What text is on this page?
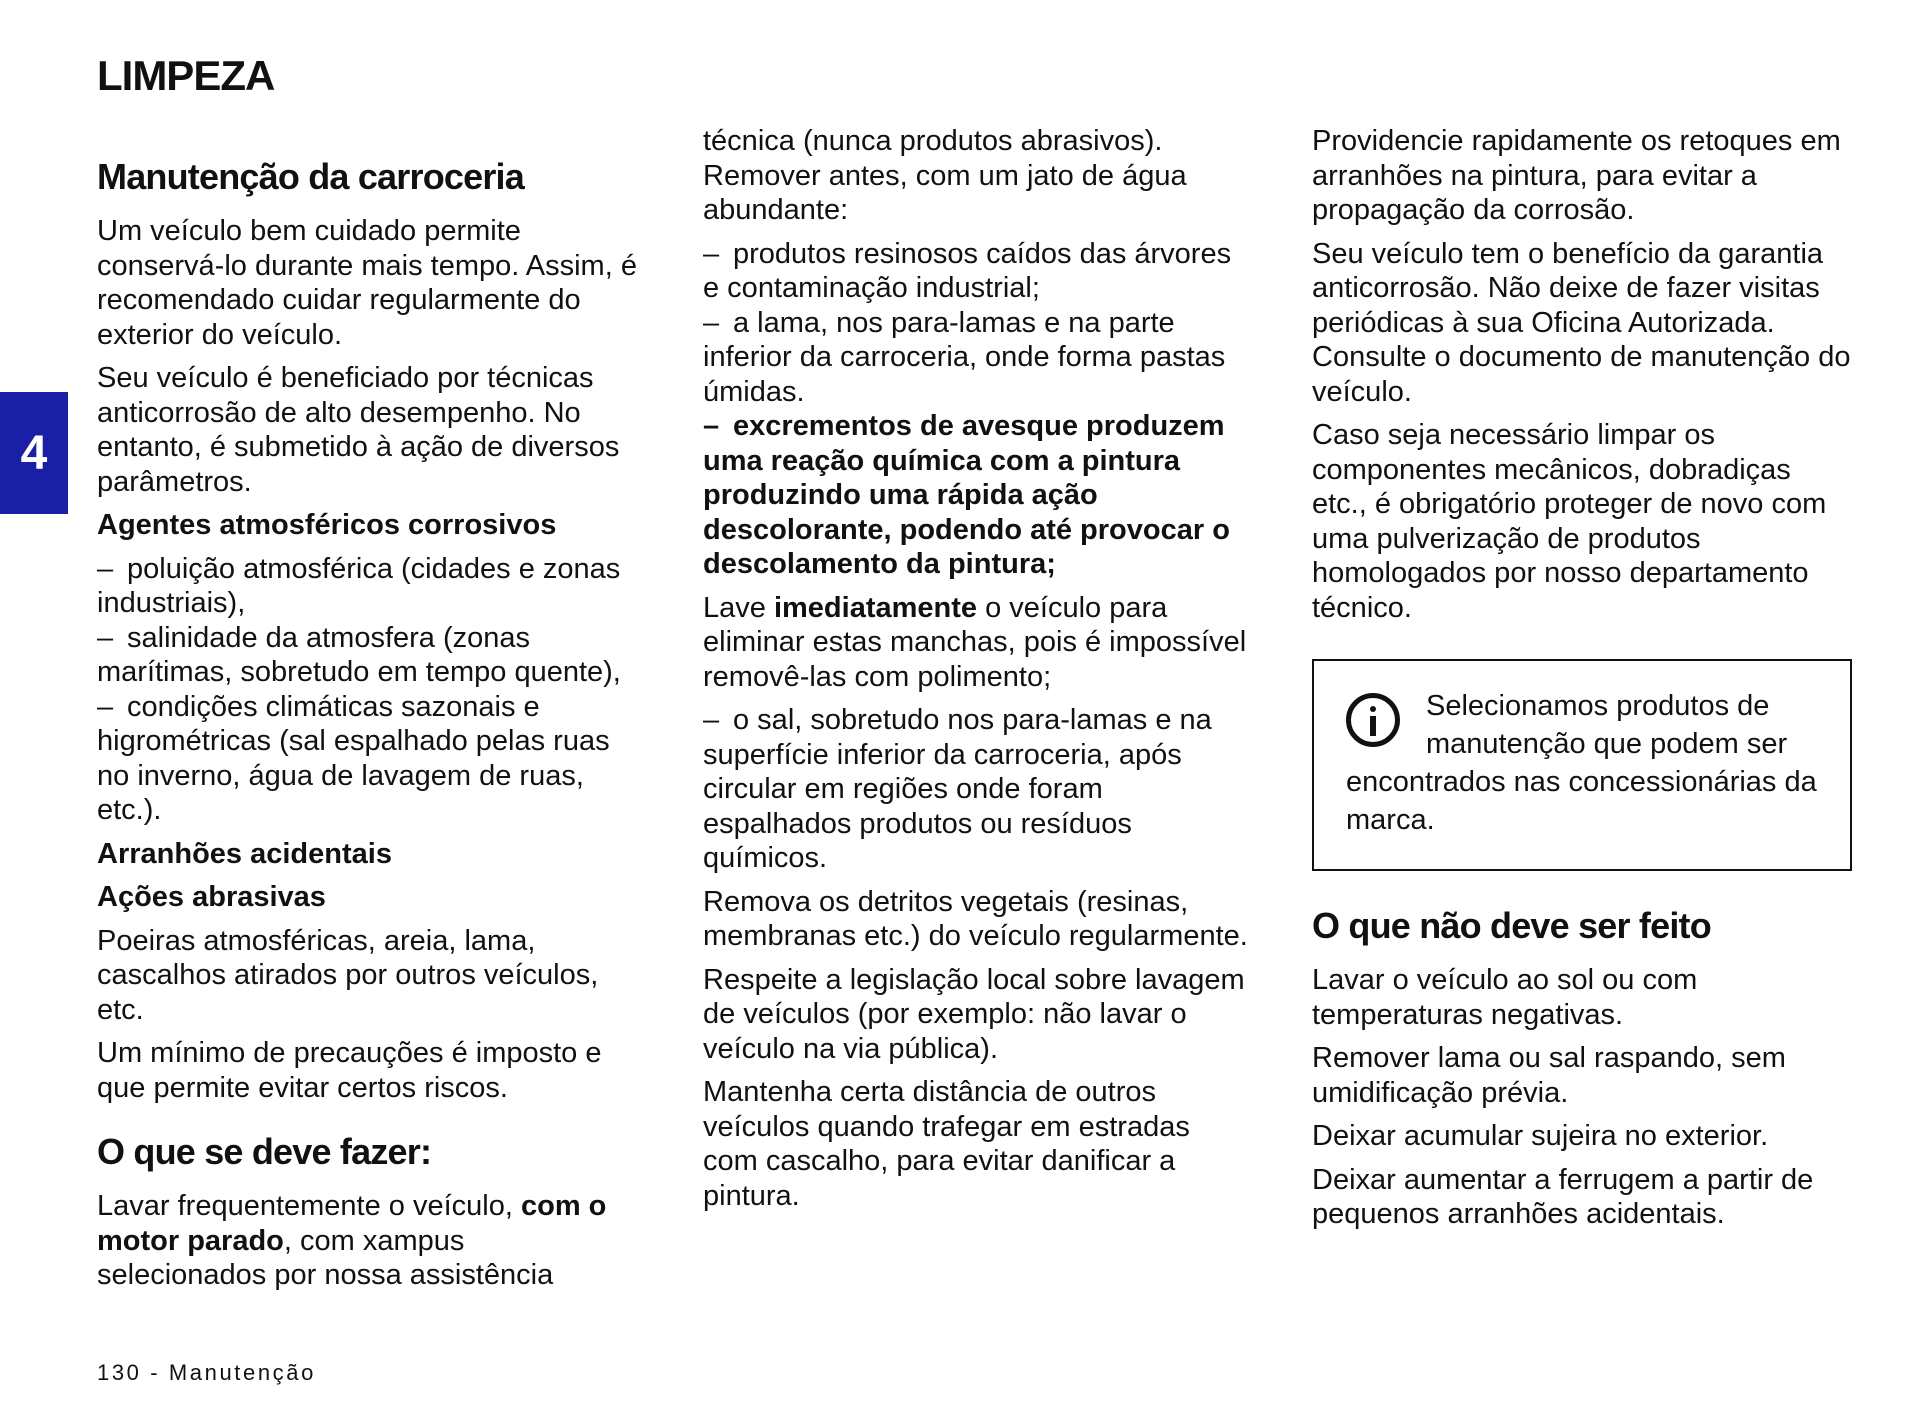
LIMPEZA
4
Manutenção da carroceria

Um veículo bem cuidado permite conservá-lo durante mais tempo. Assim, é recomendado cuidar regularmente do exterior do veículo.

Seu veículo é beneficiado por técnicas anticorrosão de alto desempenho. No entanto, é submetido à ação de diversos parâmetros.

Agentes atmosféricos corrosivos

– poluição atmosférica (cidades e zonas industriais),

– salinidade da atmosfera (zonas marítimas, sobretudo em tempo quente),

– condições climáticas sazonais e higrométricas (sal espalhado pelas ruas no inverno, água de lavagem de ruas, etc.).

Arranhões acidentais

Ações abrasivas

Poeiras atmosféricas, areia, lama, cascalhos atirados por outros veículos, etc.

Um mínimo de precauções é imposto e que permite evitar certos riscos.

O que se deve fazer:

Lavar frequentemente o veículo, com o motor parado, com xampus selecionados por nossa assistência

técnica (nunca produtos abrasivos). Remover antes, com um jato de água abundante:

– produtos resinosos caídos das árvores e contaminação industrial;

– a lama, nos para-lamas e na parte inferior da carroceria, onde forma pastas úmidas.

– excrementos de avesque produzem uma reação química com a pintura produzindo uma rápida ação descolorante, podendo até provocar o descolamento da pintura;

Lave imediatamente o veículo para eliminar estas manchas, pois é impossível removê-las com polimento;

– o sal, sobretudo nos para-lamas e na superfície inferior da carroceria, após circular em regiões onde foram espalhados produtos ou resíduos químicos.

Remova os detritos vegetais (resinas, membranas etc.) do veículo regularmente.

Respeite a legislação local sobre lavagem de veículos (por exemplo: não lavar o veículo na via pública).

Mantenha certa distância de outros veículos quando trafegar em estradas com cascalho, para evitar danificar a pintura.

Providencie rapidamente os retoques em arranhões na pintura, para evitar a propagação da corrosão.

Seu veículo tem o benefício da garantia anticorrosão. Não deixe de fazer visitas periódicas à sua Oficina Autorizada. Consulte o documento de manutenção do veículo.

Caso seja necessário limpar os componentes mecânicos, dobradiças etc., é obrigatório proteger de novo com uma pulverização de produtos homologados por nosso departamento técnico.

Selecionamos produtos de manutenção que podem ser encontrados nas concessionárias da marca.
O que não deve ser feito

Lavar o veículo ao sol ou com temperaturas negativas.

Remover lama ou sal raspando, sem umidificação prévia.

Deixar acumular sujeira no exterior.

Deixar aumentar a ferrugem a partir de pequenos arranhões acidentais.

130 - Manutenção
